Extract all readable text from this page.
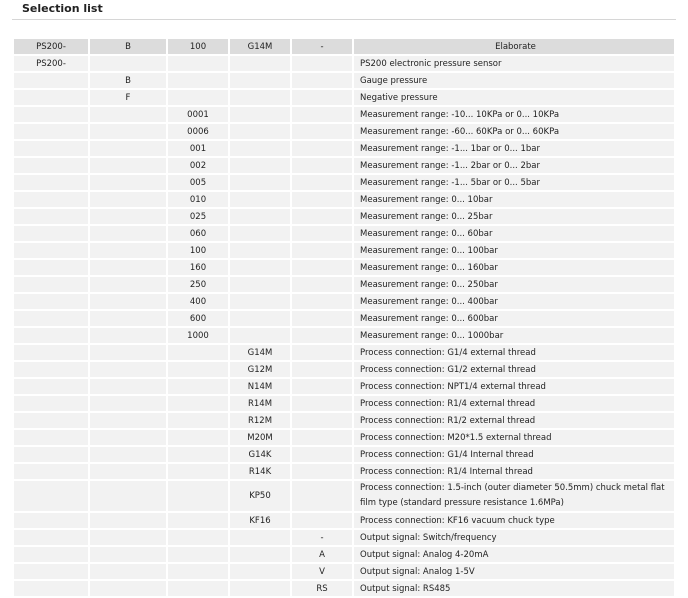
Selection list
PS200-	B	100	G14M	-	Elaborate
PS200-					PS200 electronic pressure sensor
	B				Gauge pressure
	F				Negative pressure
		0001			Measurement range: -10... 10KPa or 0... 10KPa
		0006			Measurement range: -60... 60KPa or 0... 60KPa
		001			Measurement range: -1... 1bar or 0... 1bar
		002			Measurement range: -1... 2bar or 0... 2bar
		005			Measurement range: -1... 5bar or 0... 5bar
		010			Measurement range: 0... 10bar
		025			Measurement range: 0... 25bar
		060			Measurement range: 0... 60bar
		100			Measurement range: 0... 100bar
		160			Measurement range: 0... 160bar
		250			Measurement range: 0... 250bar
		400			Measurement range: 0... 400bar
		600			Measurement range: 0... 600bar
		1000			Measurement range: 0... 1000bar
			G14M		Process connection: G1/4 external thread
			G12M		Process connection: G1/2 external thread
			N14M		Process connection: NPT1/4 external thread
			R14M		Process connection: R1/4 external thread
			R12M		Process connection: R1/2 external thread
			M20M		Process connection: M20*1.5 external thread
			G14K		Process connection: G1/4 Internal thread
			R14K		Process connection: R1/4 Internal thread
			KP50		Process connection: 1.5-inch (outer diameter 50.5mm) chuck metal flat film type (standard pressure resistance 1.6MPa)
			KF16		Process connection: KF16 vacuum chuck type
				-	Output signal: Switch/frequency
				A	Output signal: Analog 4-20mA
				V	Output signal: Analog 1-5V
				RS	Output signal: RS485
